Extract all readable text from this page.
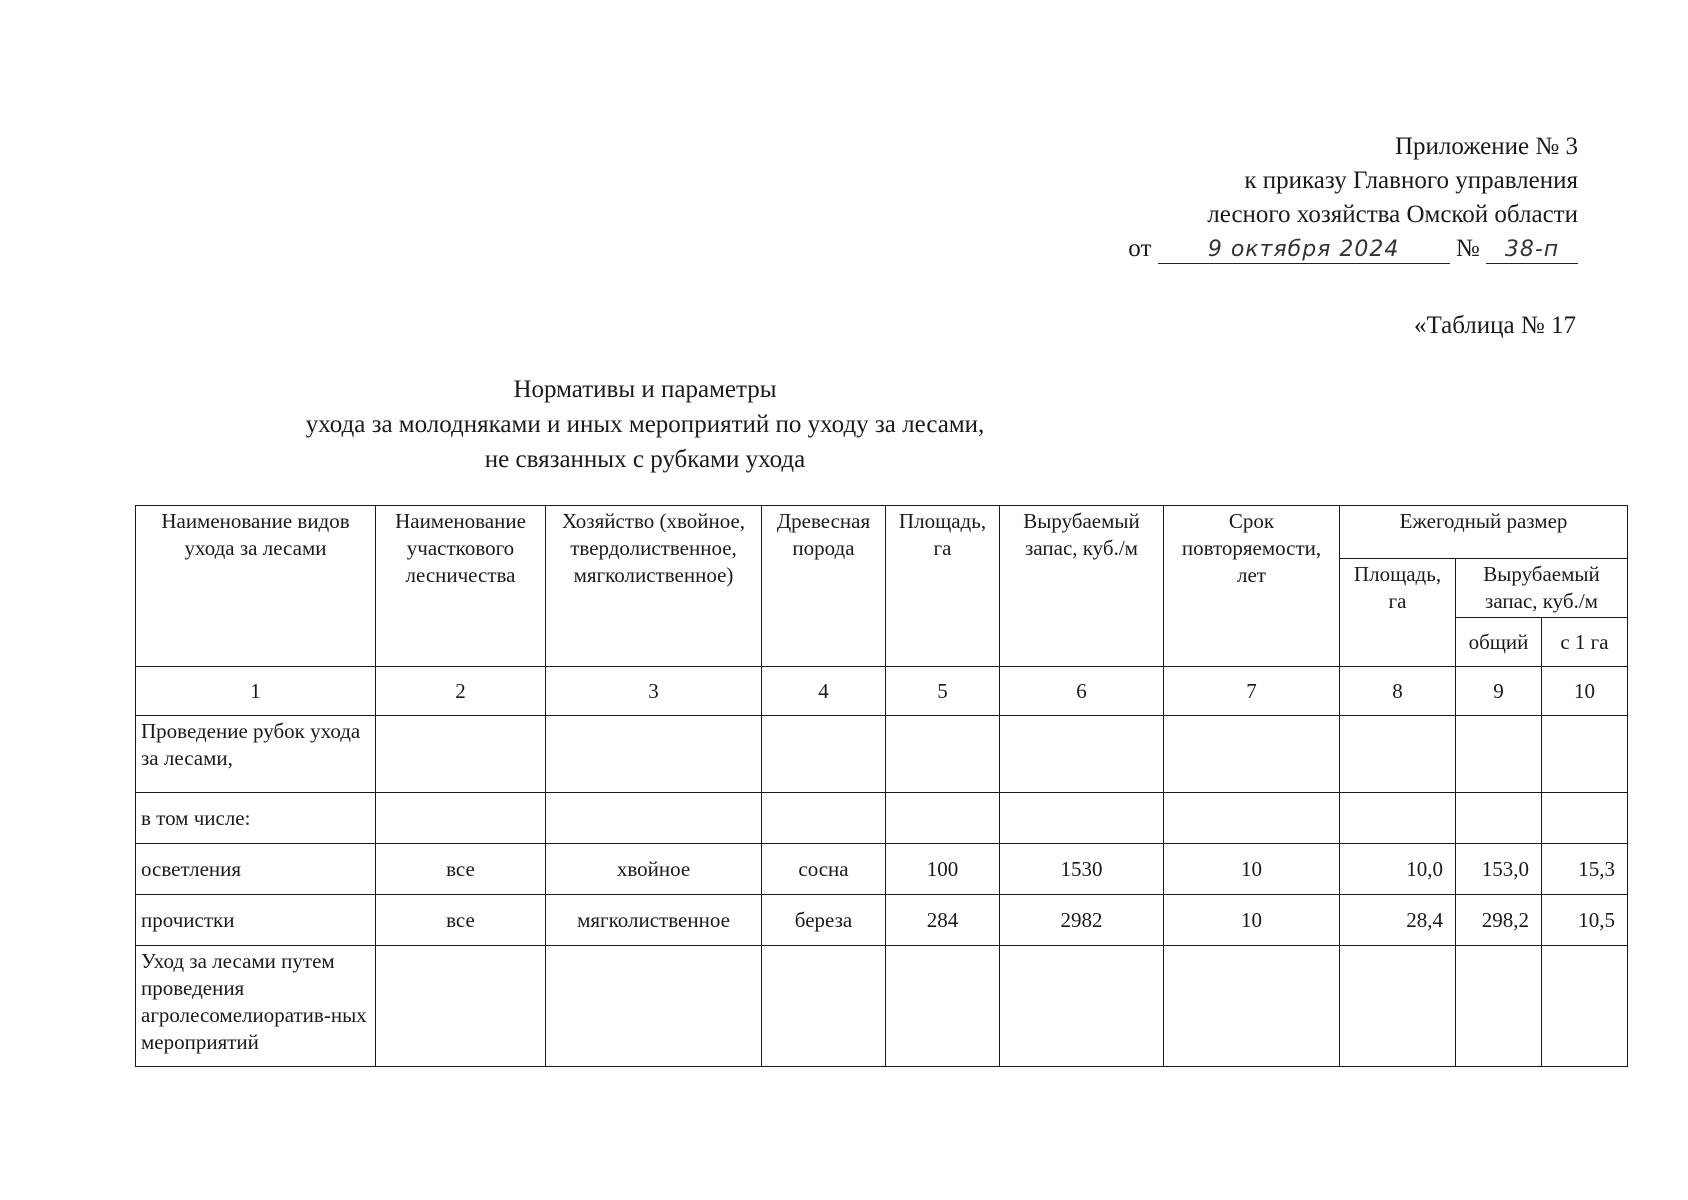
Приложение № 3
к приказу Главного управления
лесного хозяйства Омской области
от	9 октября 2024 № 38-п
«Таблица № 17
Нормативы и параметры
ухода за молодняками и иных мероприятий по уходу за лесами,
не связанных с рубками ухода
Наименование видов ухода за лесами	Наименование участкового лесничества	Хозяйство (хвойное, твердолиственное, мягколиственное)	Древесная порода	Площадь, га	Вырубаемый запас, куб./м	Срок повторяемости, лет	Ежегодный размер		
							Площадь, га	Вырубаемый запас, куб./м	
								общий	с 1 га
1	2	3	4	5	6	7	8	9	10
Проведение рубок ухода за лесами,									
в том числе:									
осветления	все	хвойное	сосна	100	1530	10	10,0	153,0	15,3
прочистки	все	мягколиственное	береза	284	2982	10	28,4	298,2	10,5
Уход за лесами путем проведения агролесомелиоратив-ных мероприятий									
